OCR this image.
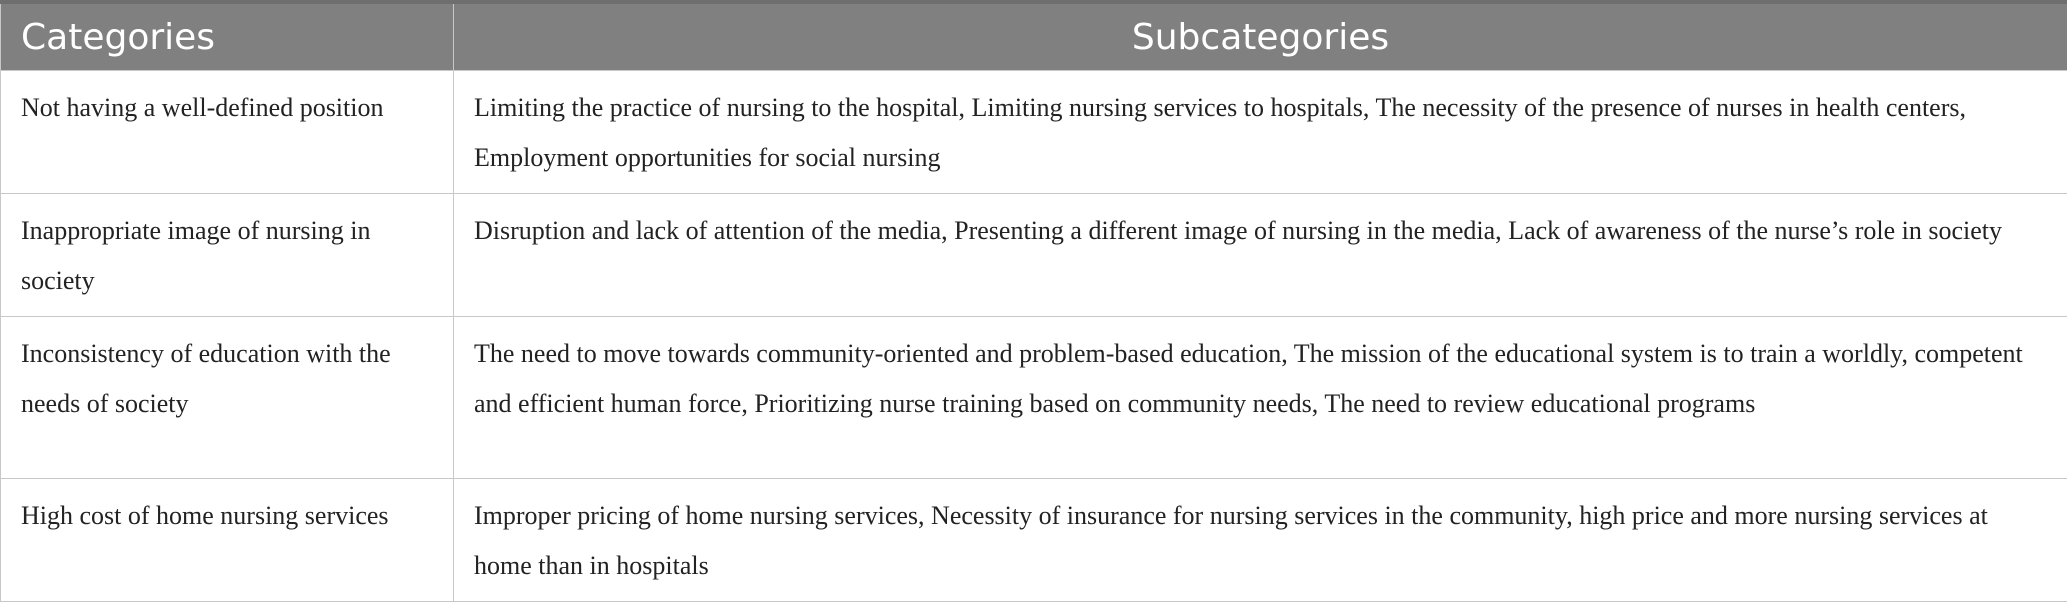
Categories	Subcategories
Not having a well-defined position	Limiting the practice of nursing to the hospital, Limiting nursing services to hospitals, The necessity of the presence of nurses in health centers, Employment opportunities for social nursing
Inappropriate image of nursing in society	Disruption and lack of attention of the media, Presenting a different image of nursing in the media, Lack of awareness of the nurse’s role in society
Inconsistency of education with the needs of society	The need to move towards community-oriented and problem-based education, The mission of the educational system is to train a worldly, competent and efficient human force, Prioritizing nurse training based on community needs, The need to review educational programs
High cost of home nursing services	Improper pricing of home nursing services, Necessity of insurance for nursing services in the community, high price and more nursing services at home than in hospitals
